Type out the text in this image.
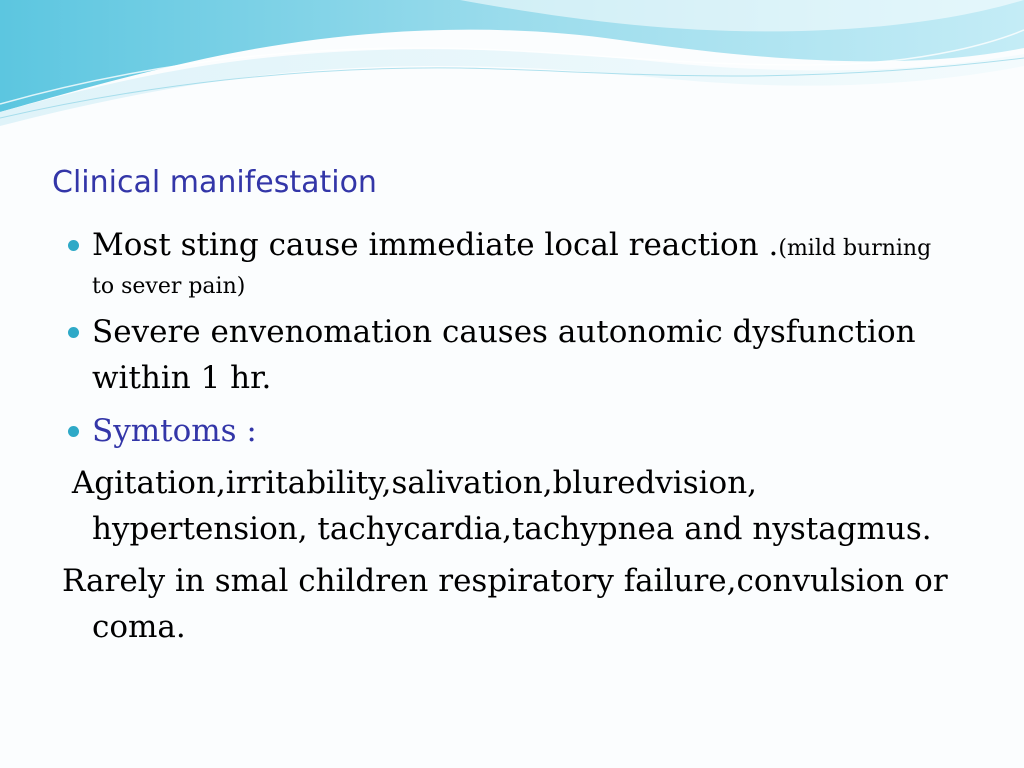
Clinical manifestation
Most sting cause immediate local reaction .(mild burning
to sever pain)
Severe envenomation causes autonomic dysfunction
within 1 hr.
Symtoms :
Agitation,irritability,salivation,bluredvision,
hypertension, tachycardia,tachypnea and nystagmus.
Rarely in smal children respiratory failure,convulsion or
coma.
